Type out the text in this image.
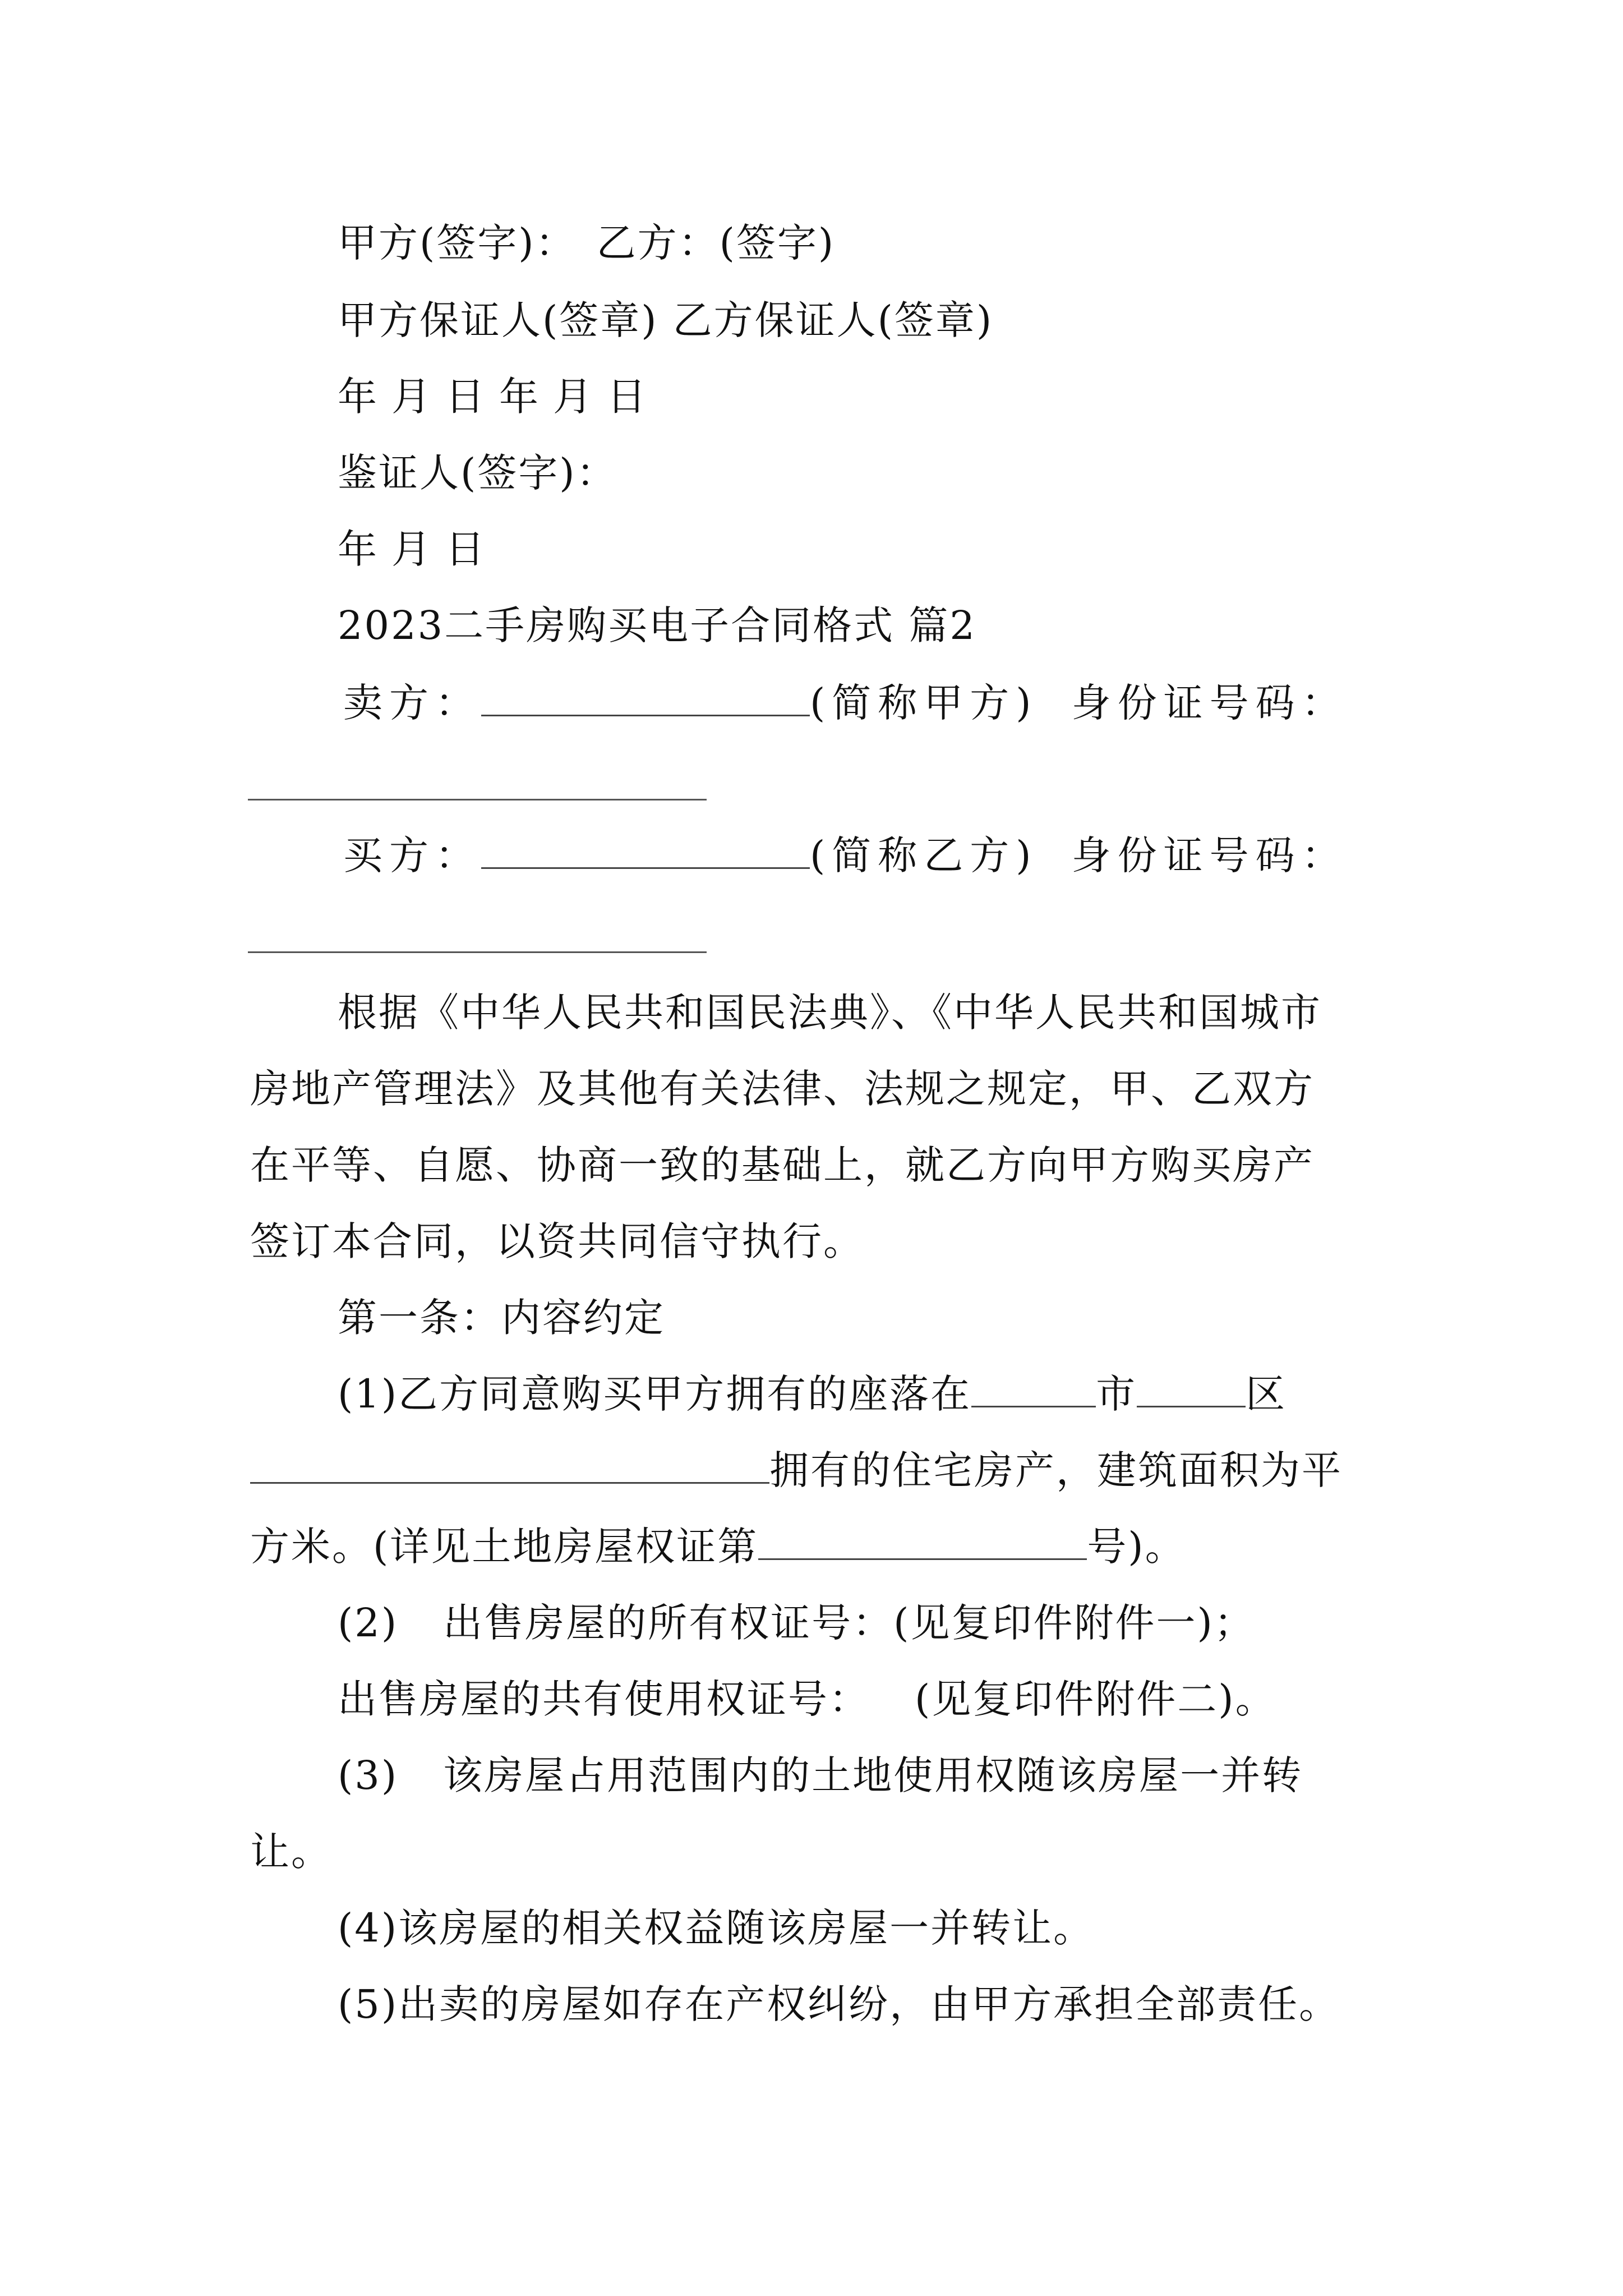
甲方(签字)： 乙方：(签字)
甲方保证人(签章) 乙方保证人(签章)
年月日年月日
鉴证人(签字)：
年月日
2023二手房购买电子合同格式 篇2
卖方：	(简称甲方) 身份证号码：
买方：	(简称乙方) 身份证号码：
根据《中华人民共和国民法典》、《中华人民共和国城市
房地产管理法》及其他有关法律、法规之规定，甲、乙双方
在平等、自愿、协商一致的基础上，就乙方向甲方购买房产
签订本合同，以资共同信守执行。
第一条：内容约定
(1)乙方同意购买甲方拥有的座落在	市	区
拥有的住宅房产，建筑面积为平
方米。(详见土地房屋权证第	号)。
(2) 出售房屋的所有权证号：(见复印件附件一)；
出售房屋的共有使用权证号： (见复印件附件二)。
(3) 该房屋占用范围内的土地使用权随该房屋一并转
让。
(4)该房屋的相关权益随该房屋一并转让。
(5)出卖的房屋如存在产权纠纷，由甲方承担全部责任。
